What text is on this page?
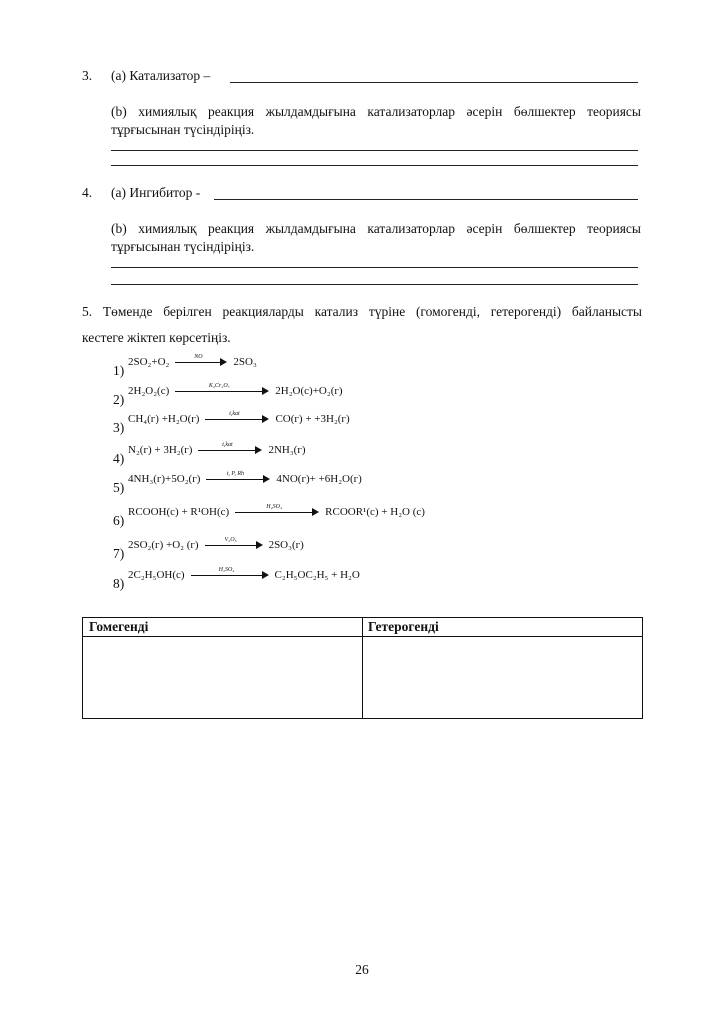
3. (a) Катализатор –
(b) химиялық реакция жылдамдығына катализаторлар әсерін бөлшектер теориясы
тұрғысынан түсіндіріңіз.
4. (a) Ингибитор -
(b) химиялық реакция жылдамдығына катализаторлар әсерін бөлшектер теориясы
тұрғысынан түсіндіріңіз.
5. Төменде берілген реакцияларды катализ түріне (гомогенді, гетерогенді) байланысты
кестеге жіктеп көрсетіңіз.
1)
2SO₂+O₂	NO	2SO₃
2)
2H₂O₂(с)	K₂Cr₂O₇	2H₂O(с)+O₂(г)
3)
CH₄(г) +H₂O(г)	t,kat	CO(г) + +3H₂(г)
4)
N₂(г) + 3H₂(г)	t,kat	2NH₃(г)
5)
4NH₃(г)+5O₂(г)	t, P, Rh	4NO(г)+ +6H₂O(г)
6)
RCOOH(с) + R¹OH(с)	H₂SO₄	RCOOR¹(с) + H₂O (с)
7)
2SO₂(г) +O₂ (г)	V₂O₅	2SO₃(г)
8)
2C₂H₅OH(с)	H₂SO₄	C₂H₅OC₂H₅ + H₂O
Гомегенді	Гетерогенді
26
